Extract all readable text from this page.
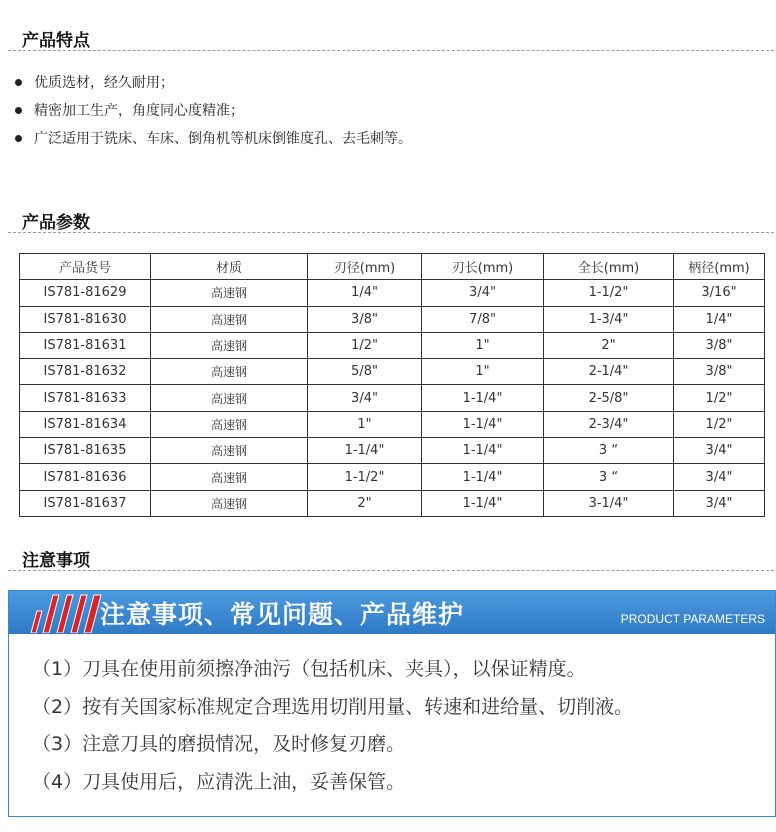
产品特点
优质选材，经久耐用；
精密加工生产，角度同心度精准；
广泛适用于铣床、车床、倒角机等机床倒锥度孔、去毛刺等。
产品参数
产品货号	材质	刃径(mm)	刃长(mm)	全长(mm)	柄径(mm)
IS781-81629	高速钢	1/4"	3/4"	1-1/2"	3/16"
IS781-81630	高速钢	3/8"	7/8"	1-3/4"	1/4"
IS781-81631	高速钢	1/2"	1"	2"	3/8"
IS781-81632	高速钢	5/8"	1"	2-1/4"	3/8"
IS781-81633	高速钢	3/4"	1-1/4"	2-5/8"	1/2"
IS781-81634	高速钢	1"	1-1/4"	2-3/4"	1/2"
IS781-81635	高速钢	1-1/4"	1-1/4"	3 “	3/4"
IS781-81636	高速钢	1-1/2"	1-1/4"	3 “	3/4"
IS781-81637	高速钢	2"	1-1/4"	3-1/4"	3/4"
注意事项
注意事项、常见问题、产品维护	PRODUCT PARAMETERS
（1）刀具在使用前须擦净油污（包括机床、夹具），以保证精度。
（2）按有关国家标准规定合理选用切削用量、转速和进给量、切削液。
（3）注意刀具的磨损情况，及时修复刃磨。
（4）刀具使用后，应清洗上油，妥善保管。
